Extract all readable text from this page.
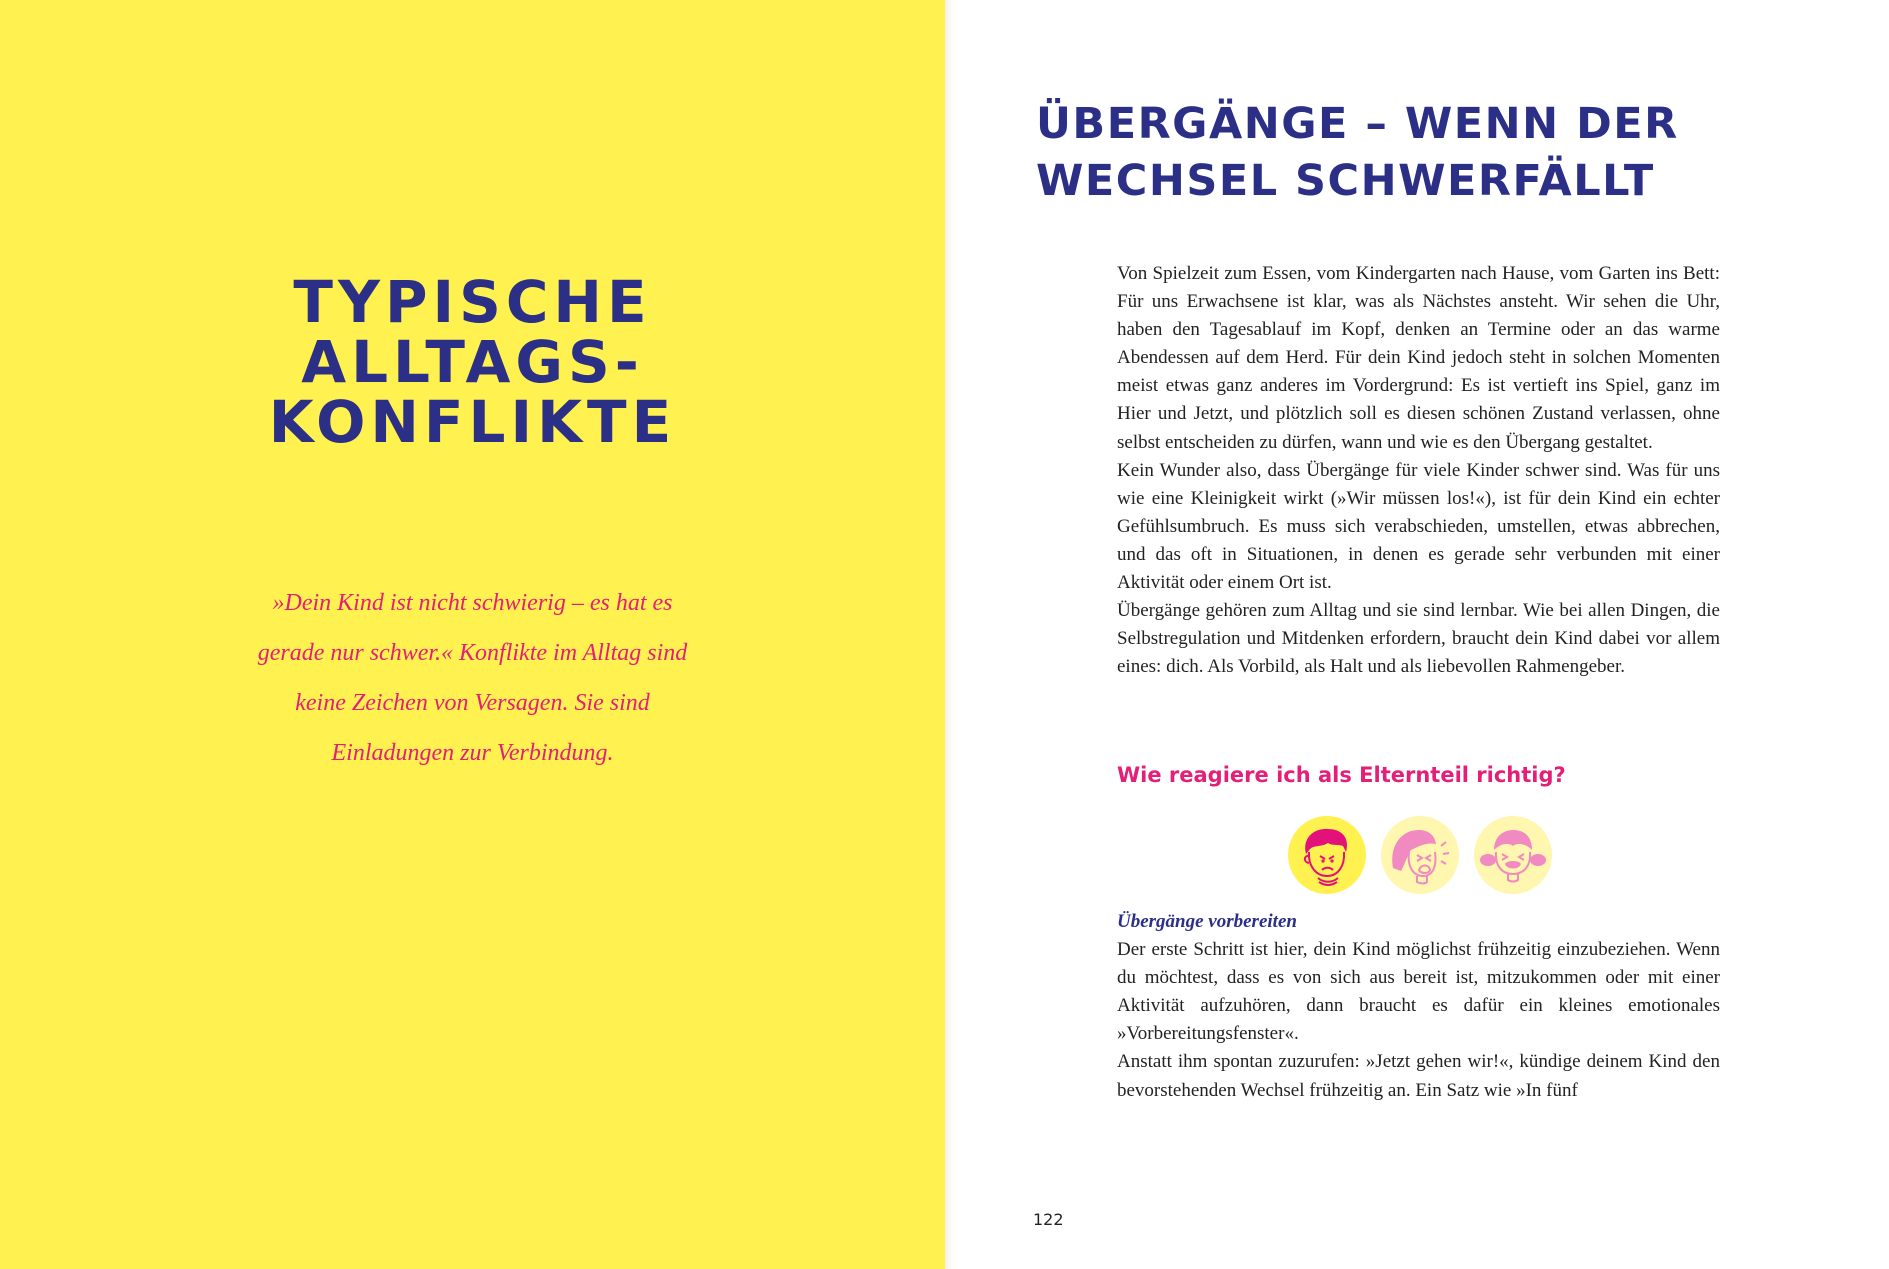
TYPISCHE
ALLTAGS-
KONFLIKTE
»Dein Kind ist nicht schwierig – es hat es
gerade nur schwer.« Konflikte im Alltag sind
keine Zeichen von Versagen. Sie sind
Einladungen zur Verbindung.
ÜBERGÄNGE – WENN DER
WECHSEL SCHWERFÄLLT

Von Spielzeit zum Essen, vom Kindergarten nach Hause, vom Garten ins Bett: Für uns Erwachsene ist klar, was als Nächstes ansteht. Wir sehen die Uhr, haben den Tagesablauf im Kopf, denken an Termine oder an das warme Abendessen auf dem Herd. Für dein Kind jedoch steht in solchen Momenten meist etwas ganz anderes im Vordergrund: Es ist vertieft ins Spiel, ganz im Hier und Jetzt, und plötzlich soll es diesen schönen Zustand verlassen, ohne selbst entscheiden zu dürfen, wann und wie es den Übergang gestaltet.

Kein Wunder also, dass Übergänge für viele Kinder schwer sind. Was für uns wie eine Kleinigkeit wirkt (»Wir müssen los!«), ist für dein Kind ein echter Gefühlsumbruch. Es muss sich verabschieden, umstellen, etwas abbrechen, und das oft in Situationen, in denen es gerade sehr verbunden mit einer Aktivität oder einem Ort ist.

Übergänge gehören zum Alltag und sie sind lernbar. Wie bei allen Dingen, die Selbstregulation und Mitdenken erfordern, braucht dein Kind dabei vor allem eines: dich. Als Vorbild, als Halt und als liebevollen Rahmengeber.

Wie reagiere ich als Elternteil richtig?

Übergänge vorbereiten

Der erste Schritt ist hier, dein Kind möglichst frühzeitig einzubeziehen. Wenn du möchtest, dass es von sich aus bereit ist, mitzukommen oder mit einer Aktivität aufzuhören, dann braucht es dafür ein kleines emotionales »Vorbereitungsfenster«.

Anstatt ihm spontan zuzurufen: »Jetzt gehen wir!«, kündige deinem Kind den bevorstehenden Wechsel frühzeitig an. Ein Satz wie »In fünf

122
